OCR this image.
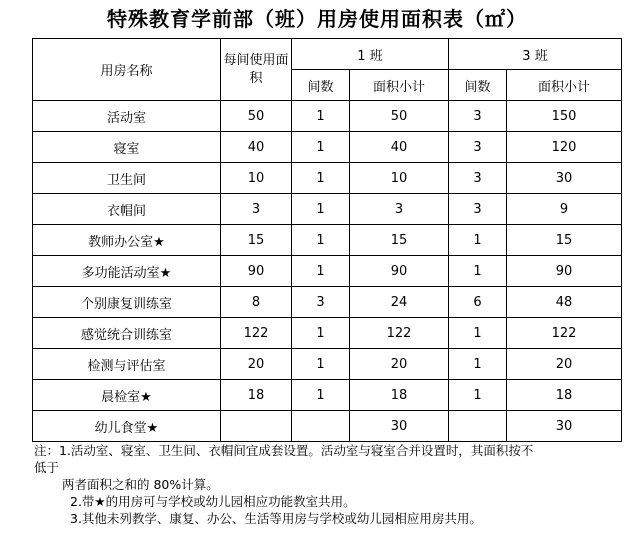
特殊教育学前部（班）用房使用面积表（㎡）
用房名称	每间使用面积	1 班		3 班	
		间数	面积小计	间数	面积小计
活动室	50	1	50	3	150
寝室	40	1	40	3	120
卫生间	10	1	10	3	30
衣帽间	3	1	3	3	9
教师办公室★	15	1	15	1	15
多功能活动室★	90	1	90	1	90
个别康复训练室	8	3	24	6	48
感觉统合训练室	122	1	122	1	122
检测与评估室	20	1	20	1	20
晨检室★	18	1	18	1	18
幼儿食堂★			30		30
注：1.活动室、寝室、卫生间、衣帽间宜成套设置。活动室与寝室合并设置时，其面积按不
低于
两者面积之和的 80%计算。
2.带★的用房可与学校或幼儿园相应功能教室共用。
3.其他未列教学、康复、办公、生活等用房与学校或幼儿园相应用房共用。
